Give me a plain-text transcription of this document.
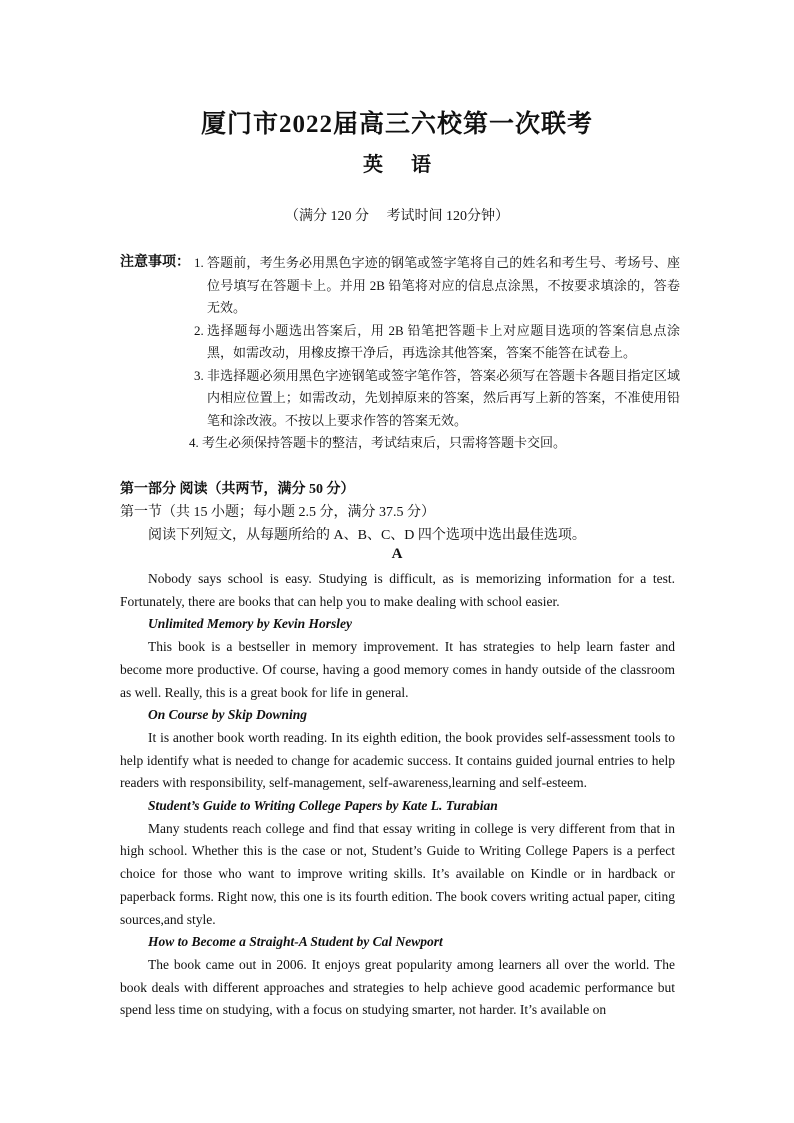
厦门市2022届高三六校第一次联考
英语
（满分 120 分　 考试时间 120分钟）
注意事项： 1. 答题前，考生务必用黑色字迹的钢笔或签字笔将自己的姓名和考生号、考场号、座位号填写在答题卡上。并用 2B 铅笔将对应的信息点涂黑，不按要求填涂的，答卷无效。
2. 选择题每小题选出答案后，用 2B 铅笔把答题卡上对应题目选项的答案信息点涂黑，如需改动，用橡皮擦干净后，再选涂其他答案，答案不能答在试卷上。
3. 非选择题必须用黑色字迹钢笔或签字笔作答，答案必须写在答题卡各题目指定区域内相应位置上；如需改动，先划掉原来的答案，然后再写上新的答案，不准使用铅笔和涂改液。不按以上要求作答的答案无效。
4. 考生必须保持答题卡的整洁，考试结束后，只需将答题卡交回。
第一部分 阅读（共两节，满分 50 分）
第一节（共 15 小题；每小题 2.5 分，满分 37.5 分）
阅读下列短文，从每题所给的 A、B、C、D 四个选项中选出最佳选项。
A

Nobody says school is easy. Studying is difficult, as is memorizing information for a test. Fortunately, there are books that can help you to make dealing with school easier.

Unlimited Memory by Kevin Horsley

This book is a bestseller in memory improvement. It has strategies to help learn faster and become more productive. Of course, having a good memory comes in handy outside of the classroom as well. Really, this is a great book for life in general.

On Course by Skip Downing

It is another book worth reading. In its eighth edition, the book provides self-assessment tools to help identify what is needed to change for academic success. It contains guided journal entries to help readers with responsibility, self-management, self-awareness,learning and self-esteem.

Student’s Guide to Writing College Papers by Kate L. Turabian

Many students reach college and find that essay writing in college is very different from that in high school. Whether this is the case or not, Student’s Guide to Writing College Papers is a perfect choice for those who want to improve writing skills. It’s available on Kindle or in hardback or paperback forms. Right now, this one is its fourth edition. The book covers writing actual paper, citing sources,and style.

How to Become a Straight-A Student by Cal Newport

The book came out in 2006. It enjoys great popularity among learners all over the world. The book deals with different approaches and strategies to help achieve good academic performance but spend less time on studying, with a focus on studying smarter, not harder. It’s available on
